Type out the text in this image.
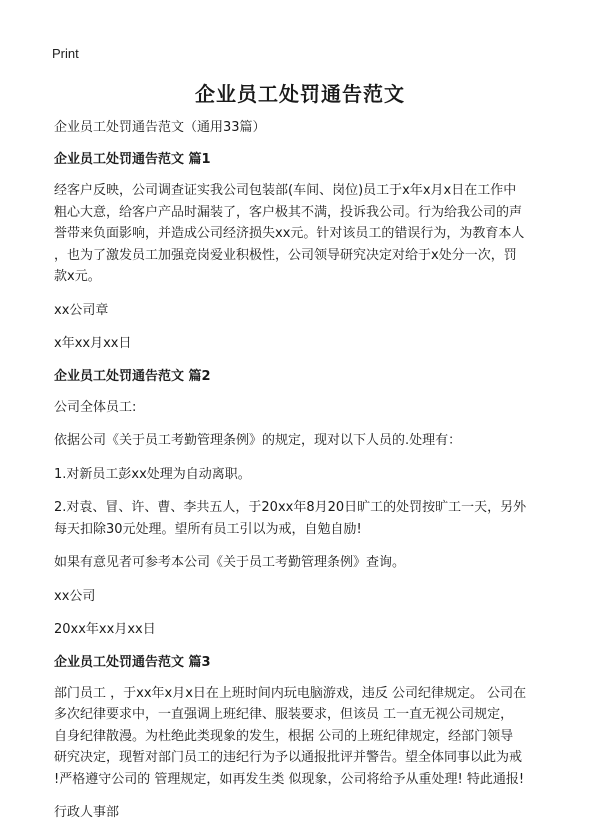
Print
企业员工处罚通告范文

企业员工处罚通告范文（通用33篇）

企业员工处罚通告范文 篇1

经客户反映，公司调查证实我公司包装部(车间、岗位)员工于x年x月x日在工作中
粗心大意，给客户产品时漏装了，客户极其不满，投诉我公司。行为给我公司的声
誉带来负面影响，并造成公司经济损失xx元。针对该员工的错误行为，为教育本人
，也为了激发员工加强竞岗爱业积极性，公司领导研究决定对给于x处分一次，罚
款x元。

xx公司章

x年xx月xx日

企业员工处罚通告范文 篇2

公司全体员工:

依据公司《关于员工考勤管理条例》的规定，现对以下人员的.处理有：

1.对新员工彭xx处理为自动离职。

2.对袁、冒、许、曹、李共五人，于20xx年8月20日旷工的处罚按旷工一天，另外
每天扣除30元处理。望所有员工引以为戒，自勉自励!

如果有意见者可参考本公司《关于员工考勤管理条例》查询。

xx公司

20xx年xx月xx日

企业员工处罚通告范文 篇3

部门员工 ，于xx年x月x日在上班时间内玩电脑游戏，违反 公司纪律规定。 公司在
多次纪律要求中，一直强调上班纪律、服装要求，但该员 工一直无视公司规定，
自身纪律散漫。为杜绝此类现象的发生，根据 公司的上班纪律规定，经部门领导
研究决定，现暂对部门员工的违纪行为予以通报批评并警告。望全体同事以此为戒
!严格遵守公司的 管理规定，如再发生类 似现象，公司将给予从重处理! 特此通报!

行政人事部
